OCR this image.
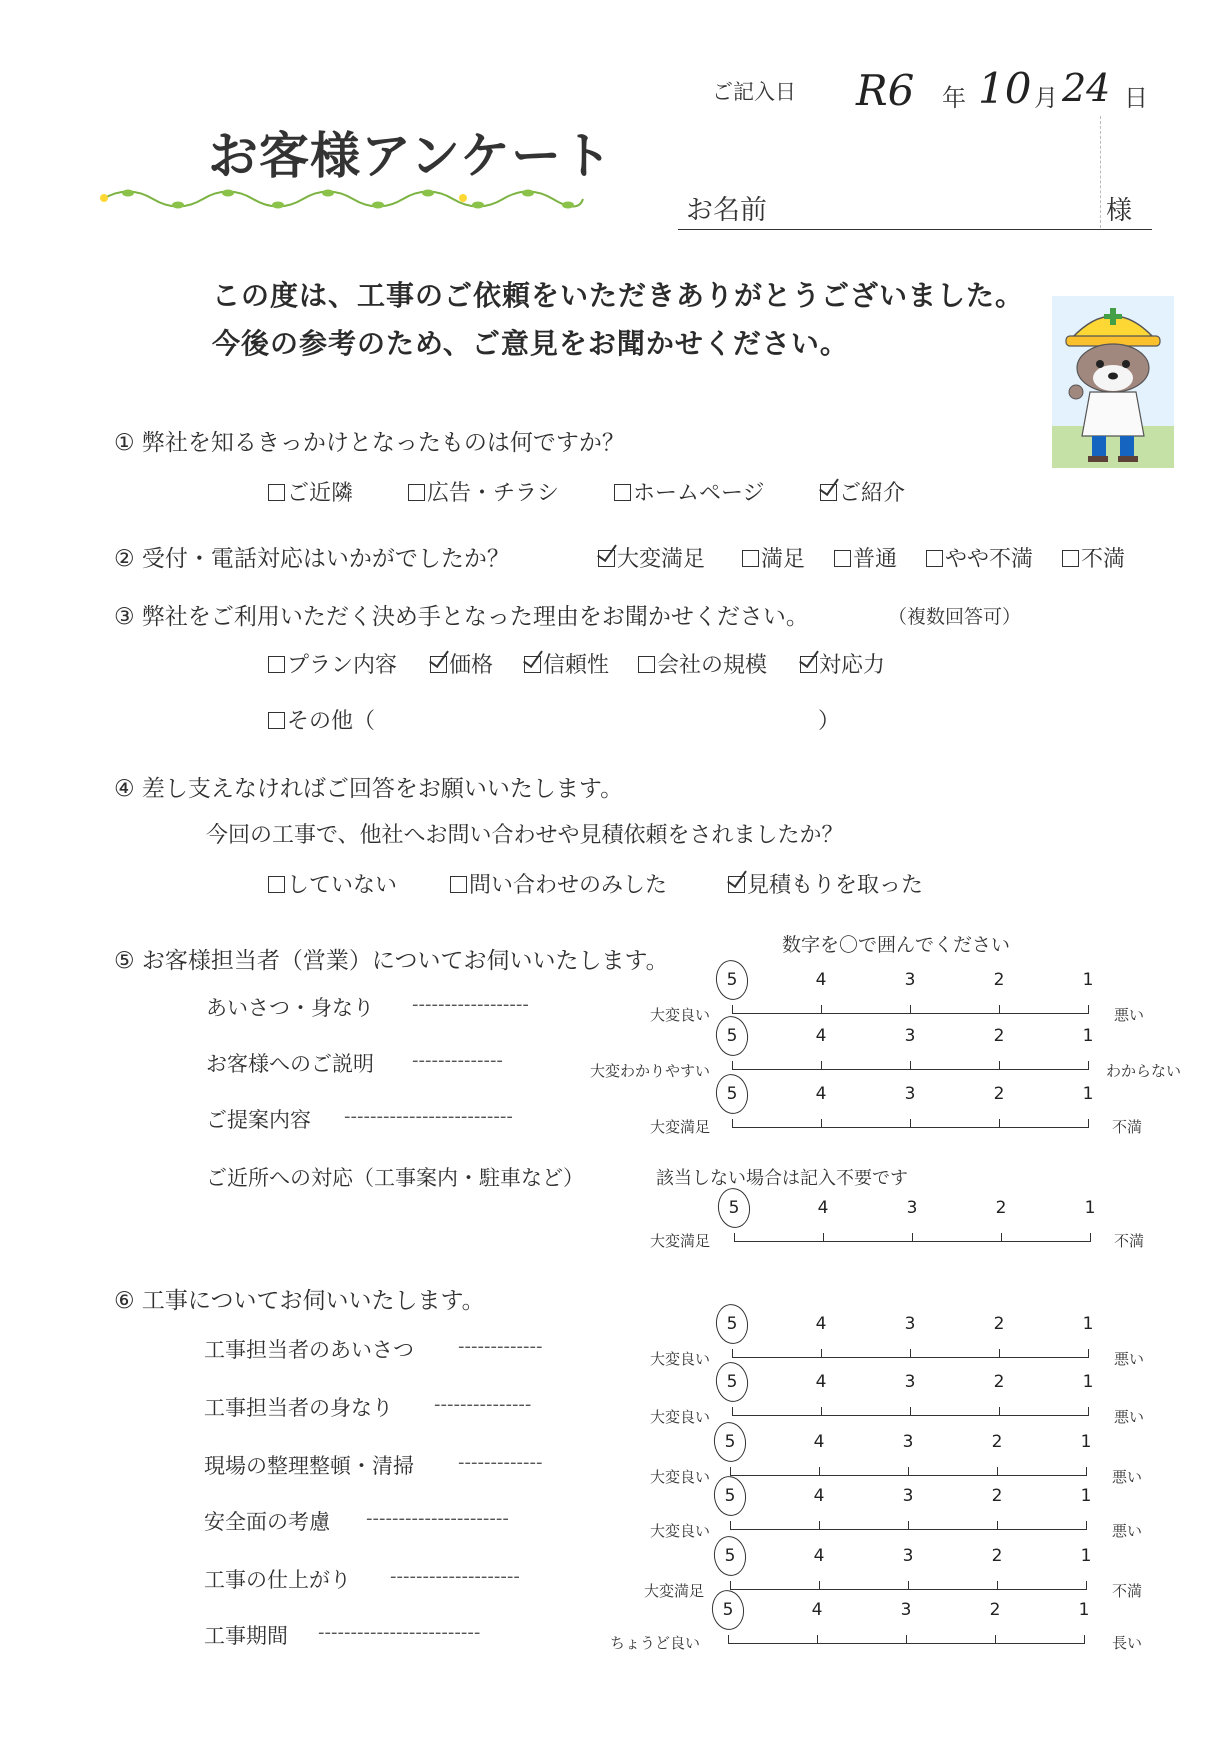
お客様アンケート
ご記入日 R6 年 10 月 24 日
お名前	様
この度は、工事のご依頼をいただきありがとうございました。
今後の参考のため、ご意見をお聞かせください。
① 弊社を知るきっかけとなったものは何ですか？
ご近隣	広告・チラシ	ホームページ	ご紹介
② 受付・電話対応はいかがでしたか？	大変満足	満足	普通	やや不満	不満
③ 弊社をご利用いただく決め手となった理由をお聞かせください。	（複数回答可）
プラン内容	価格	信頼性	会社の規模	対応力
その他（	）
④ 差し支えなければご回答をお願いいたします。
今回の工事で、他社へお問い合わせや見積依頼をされましたか？
していない	問い合わせのみした	見積もりを取った
⑤ お客様担当者（営業）についてお伺いいたします。
数字を〇で囲んでください
あいさつ・身なり ------------------	大変良い	悪い
5	4	3	2	1
お客様へのご説明 --------------	大変わかりやすい	わからない
5	4	3	2	1
ご提案内容 --------------------------	大変満足	不満
5	4	3	2	1
ご近所への対応（工事案内・駐車など）	該当しない場合は記入不要です
大変満足	不満
5	4	3	2	1
⑥ 工事についてお伺いいたします。
工事担当者のあいさつ -------------
大変良い	悪い
5	4	3	2	1
工事担当者の身なり ---------------
大変良い	悪い
5	4	3	2	1
現場の整理整頓・清掃 -------------
大変良い	悪い
5	4	3	2	1
安全面の考慮 ----------------------
大変良い	悪い
5	4	3	2	1
工事の仕上がり --------------------
大変満足	不満
5	4	3	2	1
工事期間 -------------------------	ちょうど良い	長い
5	4	3	2	1
